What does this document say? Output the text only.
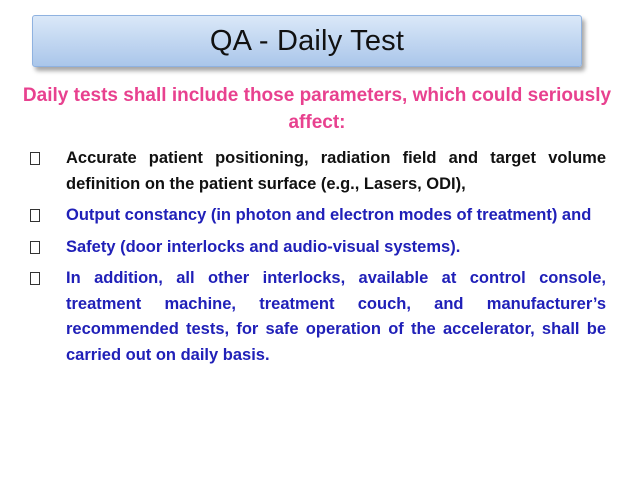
QA - Daily Test
Daily tests shall include those parameters, which could seriously affect:
Accurate patient positioning, radiation field and target volume definition on the patient surface (e.g., Lasers, ODI),
Output constancy (in photon and electron modes of treatment) and
Safety (door interlocks and audio-visual systems).
In addition, all other interlocks, available at control console, treatment machine, treatment couch, and manufacturer’s recommended tests, for safe operation of the accelerator, shall be carried out on daily basis.
